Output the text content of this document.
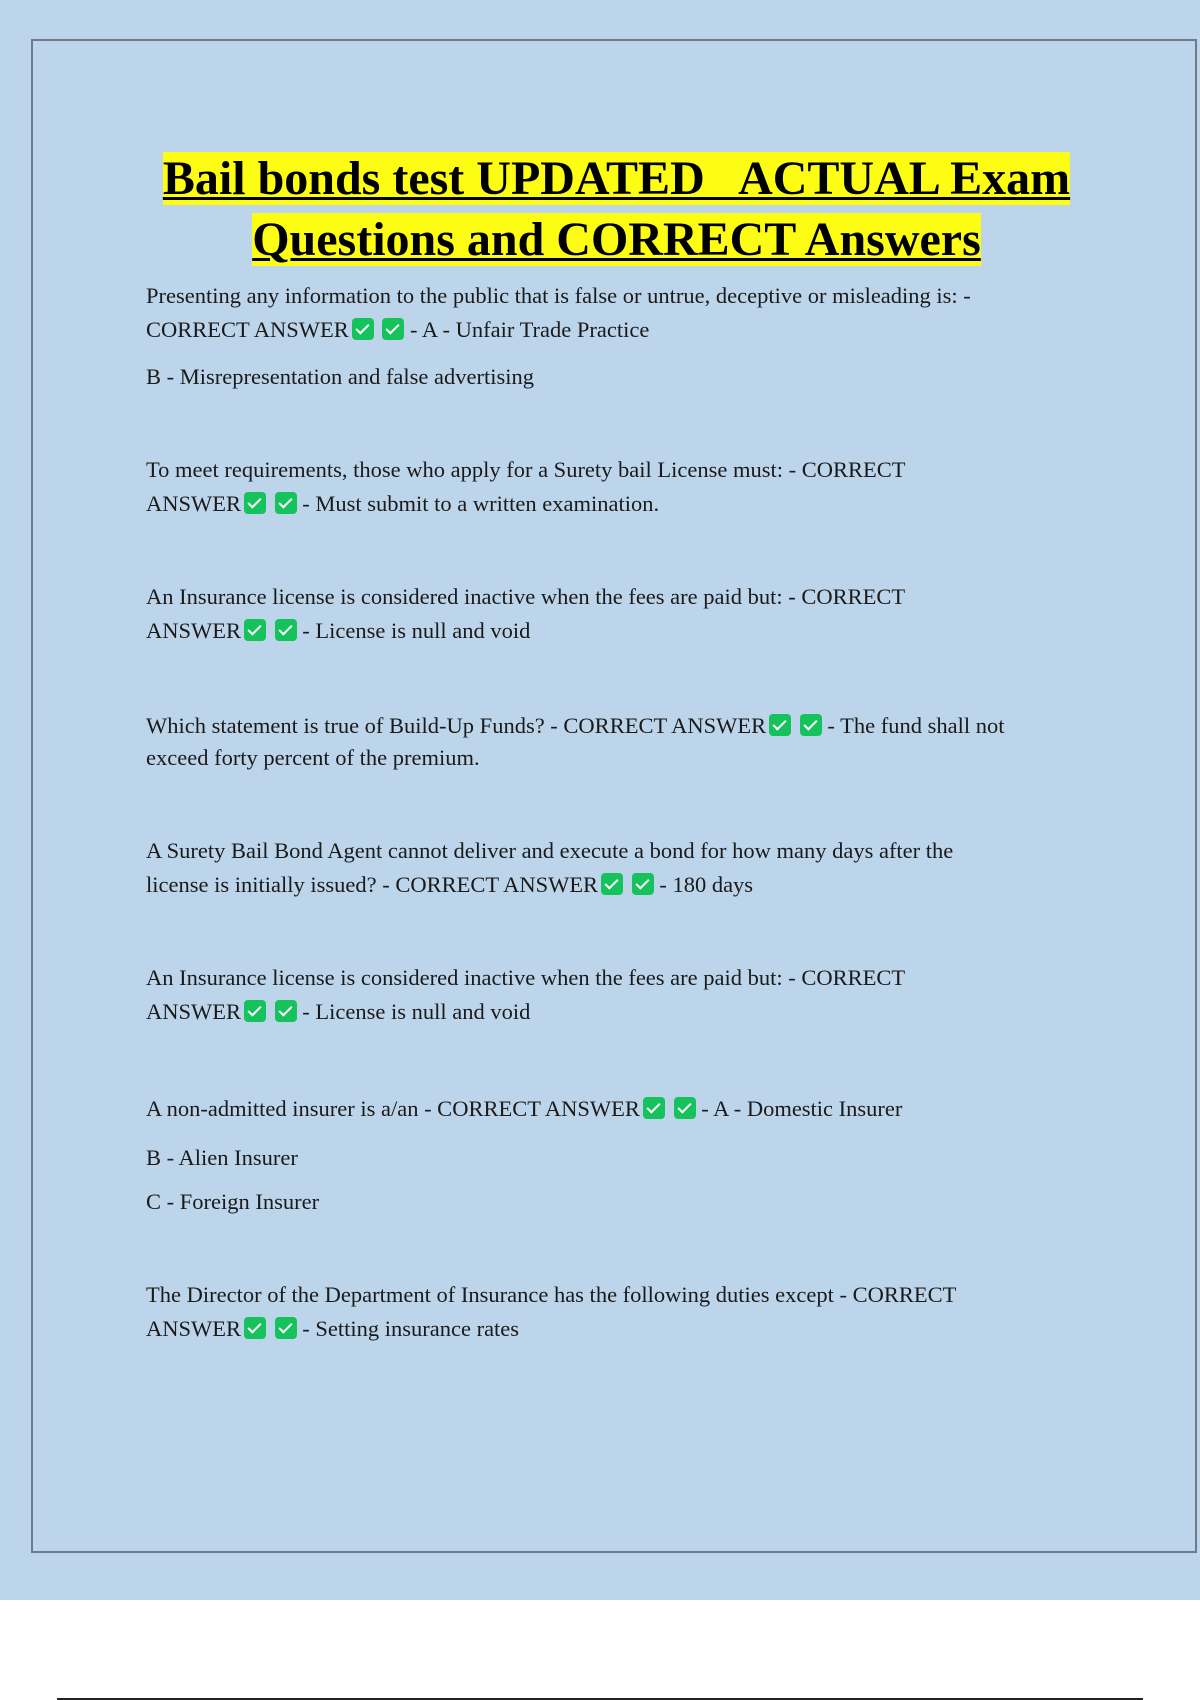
Bail bonds test UPDATED   ACTUAL Exam
Questions and CORRECT Answers
Presenting any information to the public that is false or untrue, deceptive or misleading is: -
CORRECT ANSWER	- A - Unfair Trade Practice
B - Misrepresentation and false advertising
To meet requirements, those who apply for a Surety bail License must: - CORRECT
ANSWER	- Must submit to a written examination.
An Insurance license is considered inactive when the fees are paid but: - CORRECT
ANSWER	- License is null and void
Which statement is true of Build-Up Funds? - CORRECT ANSWER	- The fund shall not
exceed forty percent of the premium.
A Surety Bail Bond Agent cannot deliver and execute a bond for how many days after the
license is initially issued? - CORRECT ANSWER	- 180 days
An Insurance license is considered inactive when the fees are paid but: - CORRECT
ANSWER	- License is null and void
A non-admitted insurer is a/an - CORRECT ANSWER	- A - Domestic Insurer
B - Alien Insurer
C - Foreign Insurer
The Director of the Department of Insurance has the following duties except - CORRECT
ANSWER	- Setting insurance rates
